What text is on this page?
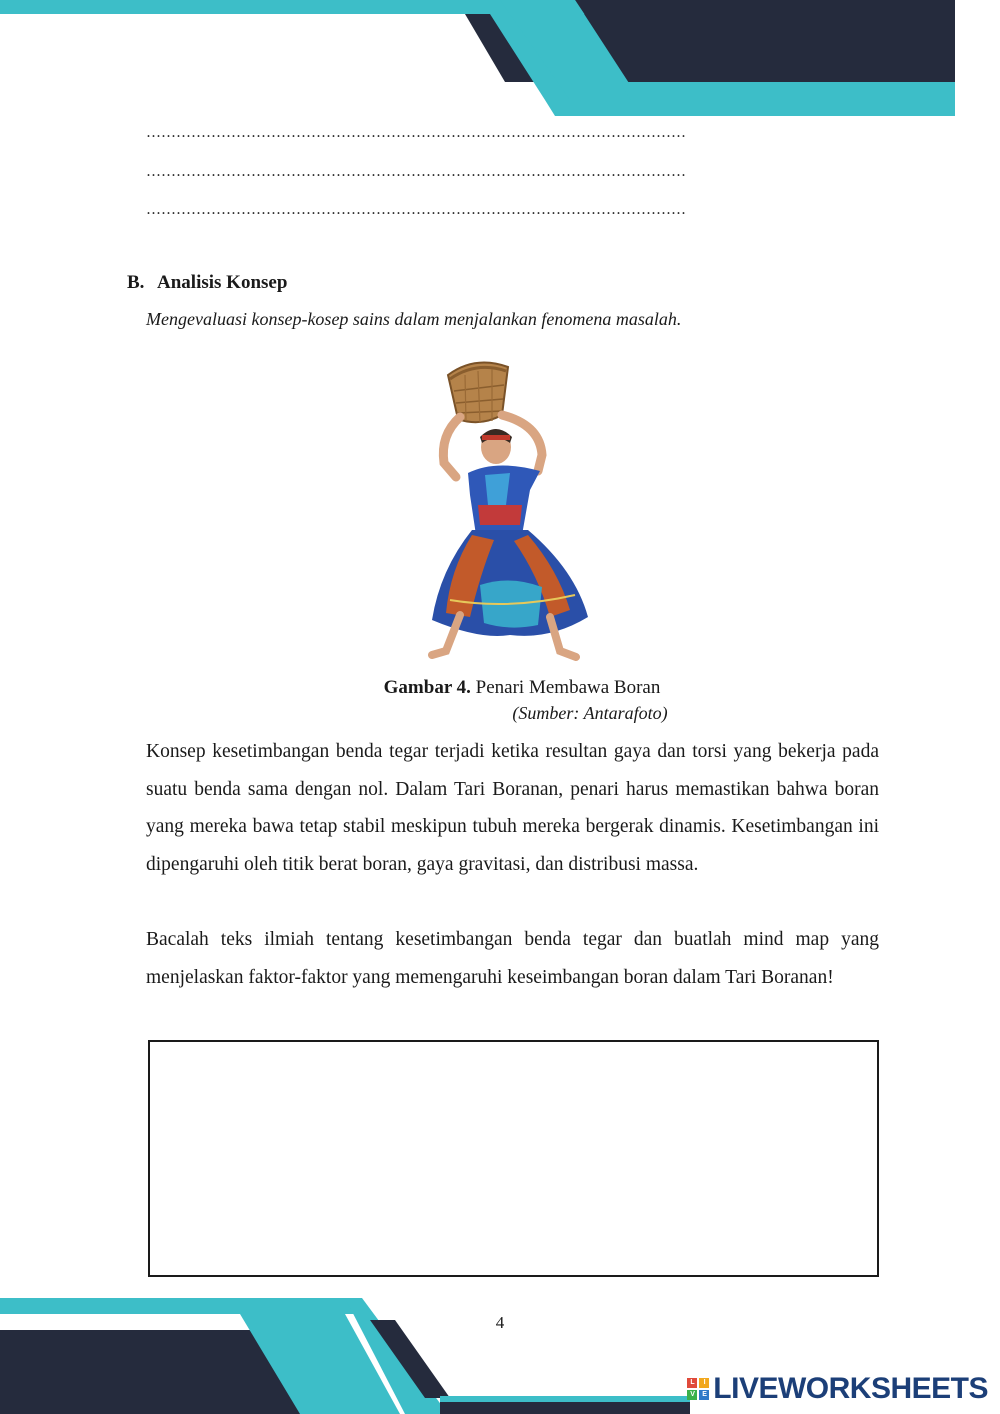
………………………………………………………………………………………………
………………………………………………………………………………………………
………………………………………………………………………………………………
B. Analisis Konsep
Mengevaluasi konsep-kosep sains dalam menjalankan fenomena masalah.
Gambar 4. Penari Membawa Boran
(Sumber: Antarafoto)
Konsep kesetimbangan benda tegar terjadi ketika resultan gaya dan torsi yang bekerja pada suatu benda sama dengan nol. Dalam Tari Boranan, penari harus memastikan bahwa boran yang mereka bawa tetap stabil meskipun tubuh mereka bergerak dinamis. Kesetimbangan ini dipengaruhi oleh titik berat boran, gaya gravitasi, dan distribusi massa.
Bacalah teks ilmiah tentang kesetimbangan benda tegar dan buatlah mind map yang menjelaskan faktor-faktor yang memengaruhi keseimbangan boran dalam Tari Boranan!
4
L	I
V	E LIVEWORKSHEETS
